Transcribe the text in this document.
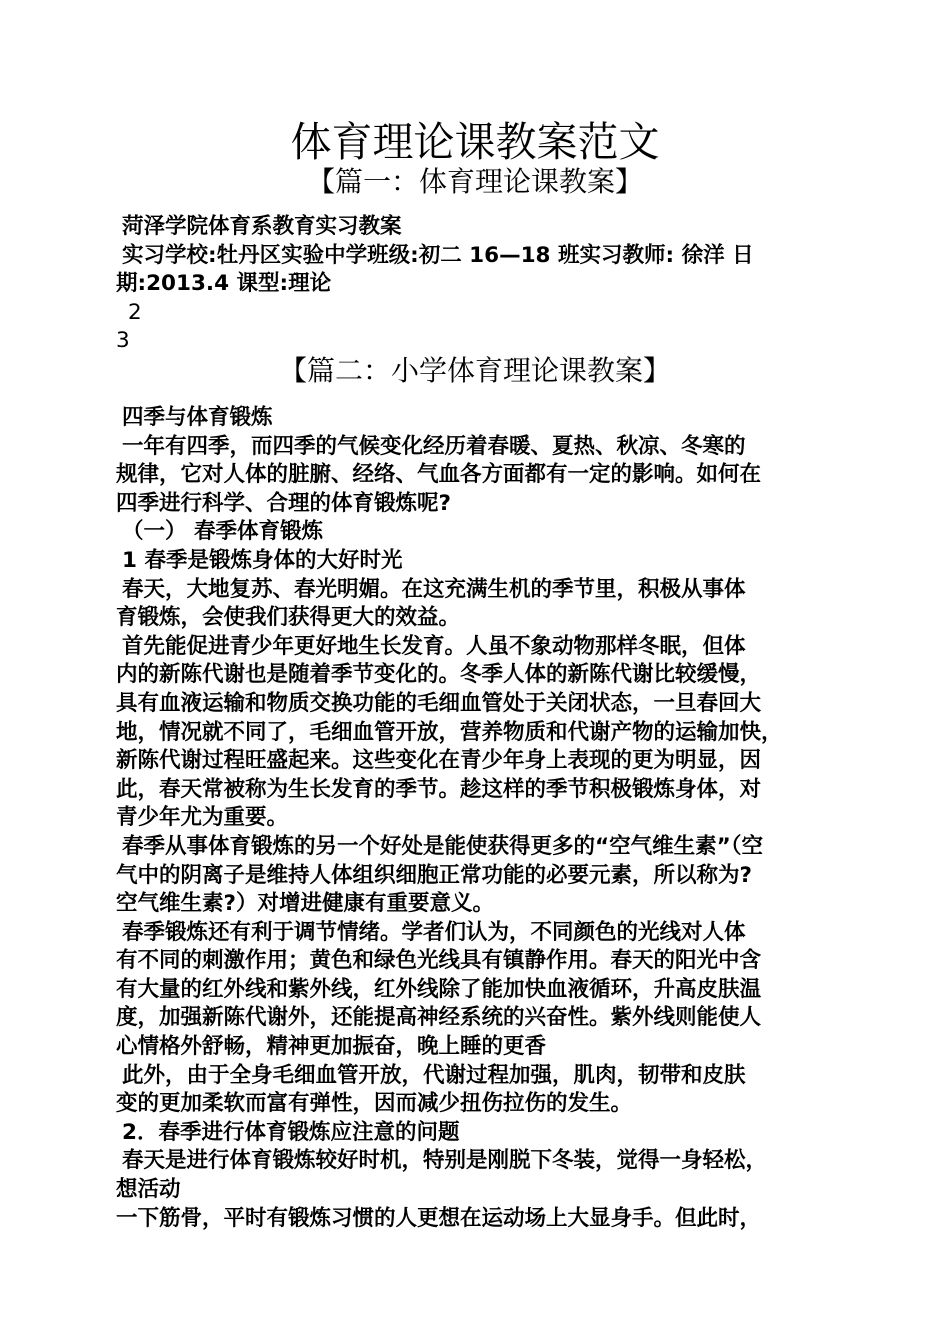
体育理论课教案范文
【篇一：体育理论课教案】

菏泽学院体育系教育实习教案

实习学校:牡丹区实验中学班级:初二 16—18 班实习教师: 徐洋 日

期:2013.4 课型:理论

2

3

【篇二：小学体育理论课教案】

四季与体育锻炼

一年有四季，而四季的气候变化经历着春暖、夏热、秋凉、冬寒的

规律，它对人体的脏腑、经络、气血各方面都有一定的影响。如何在

四季进行科学、合理的体育锻炼呢?

（一） 春季体育锻炼

1 春季是锻炼身体的大好时光

春天，大地复苏、春光明媚。在这充满生机的季节里，积极从事体

育锻炼，会使我们获得更大的效益。

首先能促进青少年更好地生长发育。人虽不象动物那样冬眠，但体

内的新陈代谢也是随着季节变化的。冬季人体的新陈代谢比较缓慢，

具有血液运输和物质交换功能的毛细血管处于关闭状态，一旦春回大

地，情况就不同了，毛细血管开放，营养物质和代谢产物的运输加快，

新陈代谢过程旺盛起来。这些变化在青少年身上表现的更为明显，因

此，春天常被称为生长发育的季节。趁这样的季节积极锻炼身体，对

青少年尤为重要。

春季从事体育锻炼的另一个好处是能使获得更多的“空气维生素”（空

气中的阴离子是维持人体组织细胞正常功能的必要元素，所以称为?

空气维生素?）对增进健康有重要意义。

春季锻炼还有利于调节情绪。学者们认为，不同颜色的光线对人体

有不同的刺激作用；黄色和绿色光线具有镇静作用。春天的阳光中含

有大量的红外线和紫外线，红外线除了能加快血液循环，升高皮肤温

度，加强新陈代谢外，还能提高神经系统的兴奋性。紫外线则能使人

心情格外舒畅，精神更加振奋，晚上睡的更香

此外，由于全身毛细血管开放，代谢过程加强，肌肉，韧带和皮肤

变的更加柔软而富有弹性，因而减少扭伤拉伤的发生。

2．春季进行体育锻炼应注意的问题

春天是进行体育锻炼较好时机，特别是刚脱下冬装，觉得一身轻松，

想活动

一下筋骨，平时有锻炼习惯的人更想在运动场上大显身手。但此时，
